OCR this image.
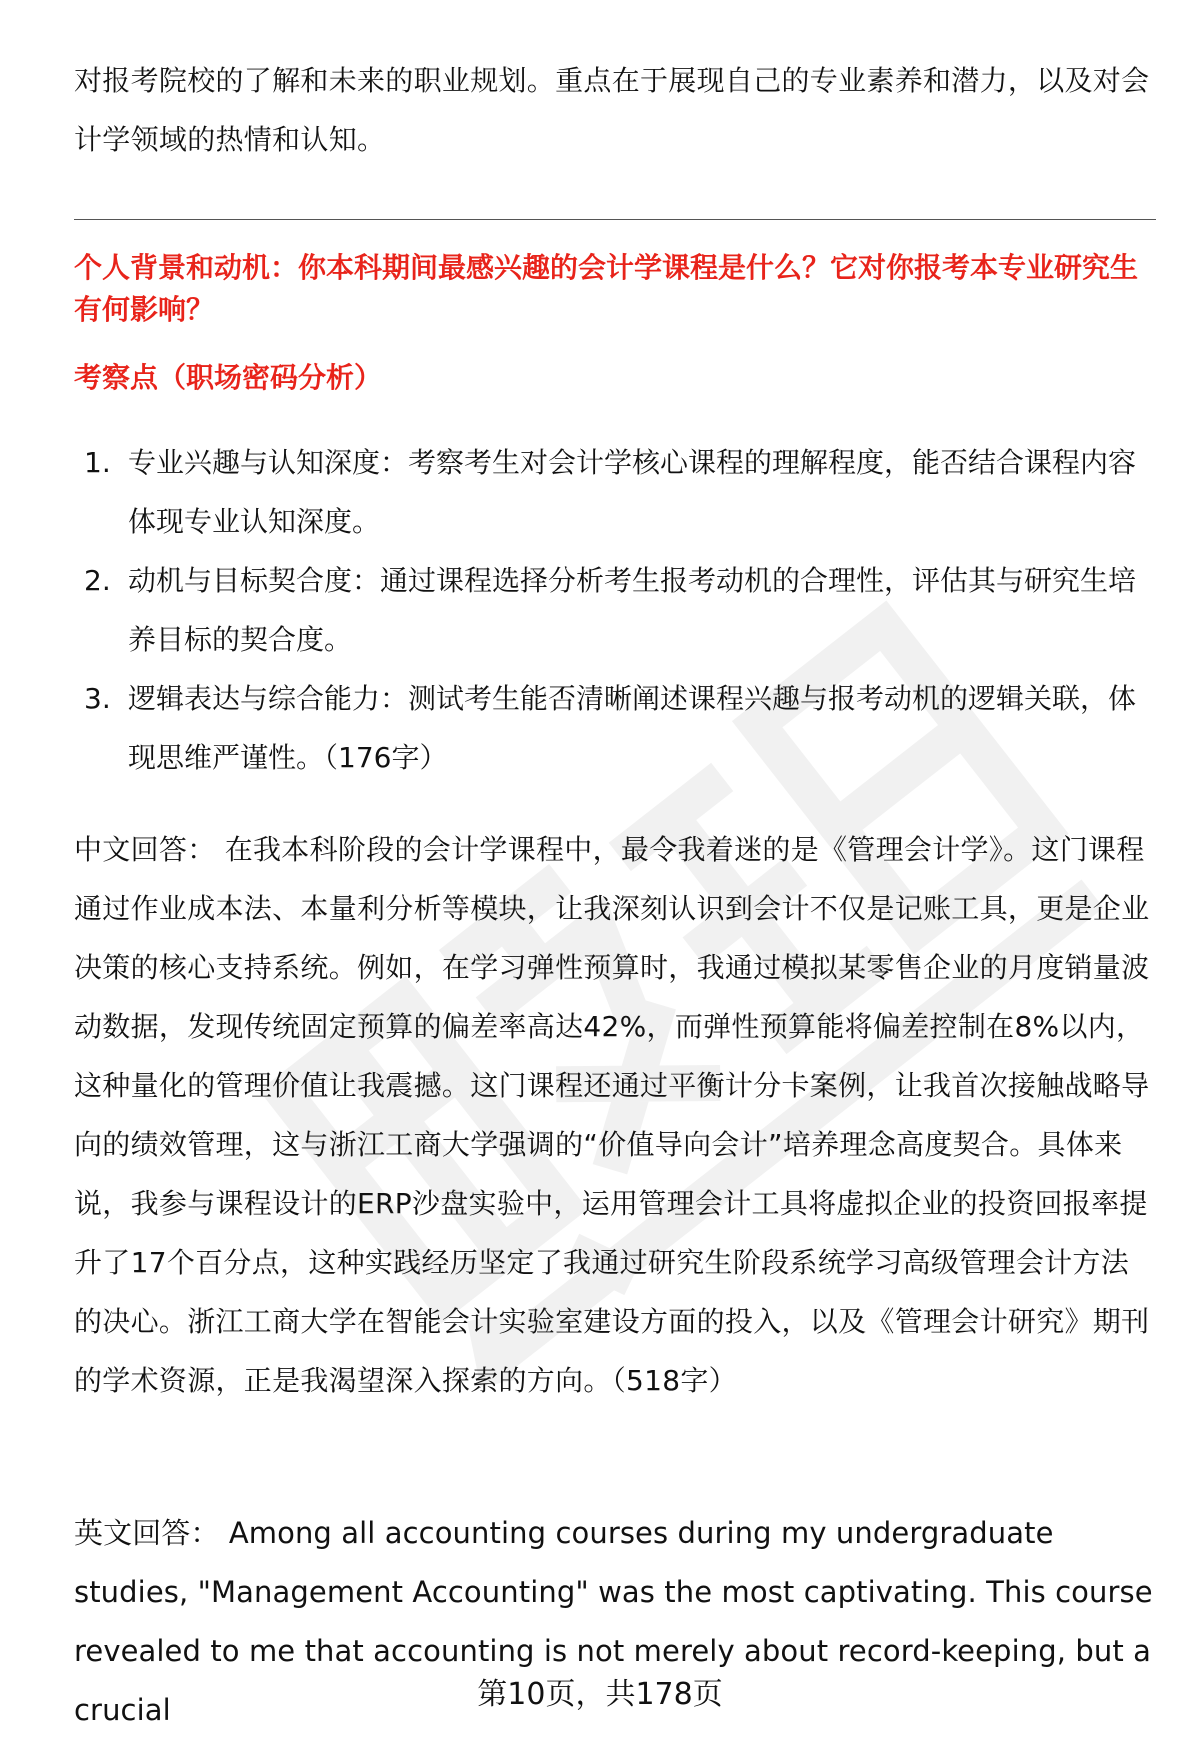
对报考院校的了解和未来的职业规划。重点在于展现自己的专业素养和潜力，以及对会计学领域的热情和认知。
个人背景和动机：你本科期间最感兴趣的会计学课程是什么？它对你报考本专业研究生有何影响？
考察点（职场密码分析）
1. 专业兴趣与认知深度：考察考生对会计学核心课程的理解程度，能否结合课程内容体现专业认知深度。
2. 动机与目标契合度：通过课程选择分析考生报考动机的合理性，评估其与研究生培养目标的契合度。
3. 逻辑表达与综合能力：测试考生能否清晰阐述课程兴趣与报考动机的逻辑关联，体现思维严谨性。（176字）
中文回答： 在我本科阶段的会计学课程中，最令我着迷的是《管理会计学》。这门课程通过作业成本法、本量利分析等模块，让我深刻认识到会计不仅是记账工具，更是企业决策的核心支持系统。例如，在学习弹性预算时，我通过模拟某零售企业的月度销量波动数据，发现传统固定预算的偏差率高达42%，而弹性预算能将偏差控制在8%以内，这种量化的管理价值让我震撼。这门课程还通过平衡计分卡案例，让我首次接触战略导向的绩效管理，这与浙江工商大学强调的“价值导向会计”培养理念高度契合。具体来说，我参与课程设计的ERP沙盘实验中，运用管理会计工具将虚拟企业的投资回报率提升了17个百分点，这种实践经历坚定了我通过研究生阶段系统学习高级管理会计方法的决心。浙江工商大学在智能会计实验室建设方面的投入，以及《管理会计研究》期刊的学术资源，正是我渴望深入探索的方向。（518字）
英文回答： Among all accounting courses during my undergraduate studies, "Management Accounting" was the most captivating. This course revealed to me that accounting is not merely about record-keeping, but a crucial	第10页，共178页
